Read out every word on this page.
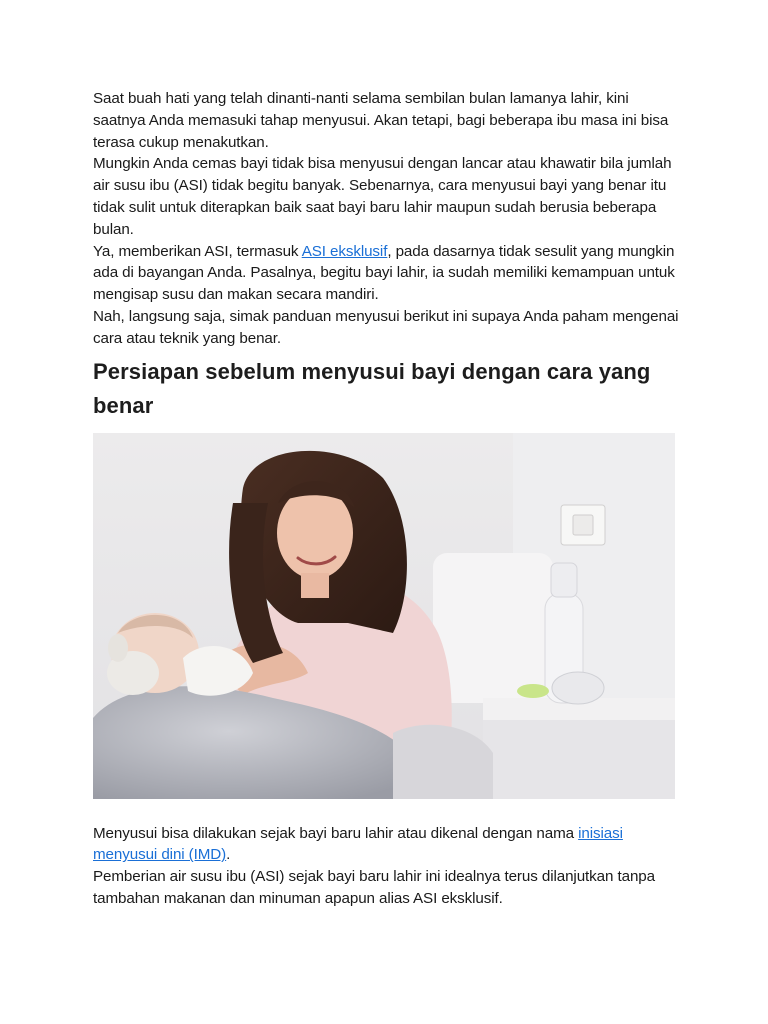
Saat buah hati yang telah dinanti-nanti selama sembilan bulan lamanya lahir, kini saatnya Anda memasuki tahap menyusui. Akan tetapi, bagi beberapa ibu masa ini bisa terasa cukup menakutkan.

Mungkin Anda cemas bayi tidak bisa menyusui dengan lancar atau khawatir bila jumlah air susu ibu (ASI) tidak begitu banyak. Sebenarnya, cara menyusui bayi yang benar itu tidak sulit untuk diterapkan baik saat bayi baru lahir maupun sudah berusia beberapa bulan.

Ya, memberikan ASI, termasuk ASI eksklusif, pada dasarnya tidak sesulit yang mungkin ada di bayangan Anda. Pasalnya, begitu bayi lahir, ia sudah memiliki kemampuan untuk mengisap susu dan makan secara mandiri.

Nah, langsung saja, simak panduan menyusui berikut ini supaya Anda paham mengenai cara atau teknik yang benar.

Persiapan sebelum menyusui bayi dengan cara yang benar

Menyusui bisa dilakukan sejak bayi baru lahir atau dikenal dengan nama inisiasi menyusui dini (IMD).

Pemberian air susu ibu (ASI) sejak bayi baru lahir ini idealnya terus dilanjutkan tanpa tambahan makanan dan minuman apapun alias ASI eksklusif.
